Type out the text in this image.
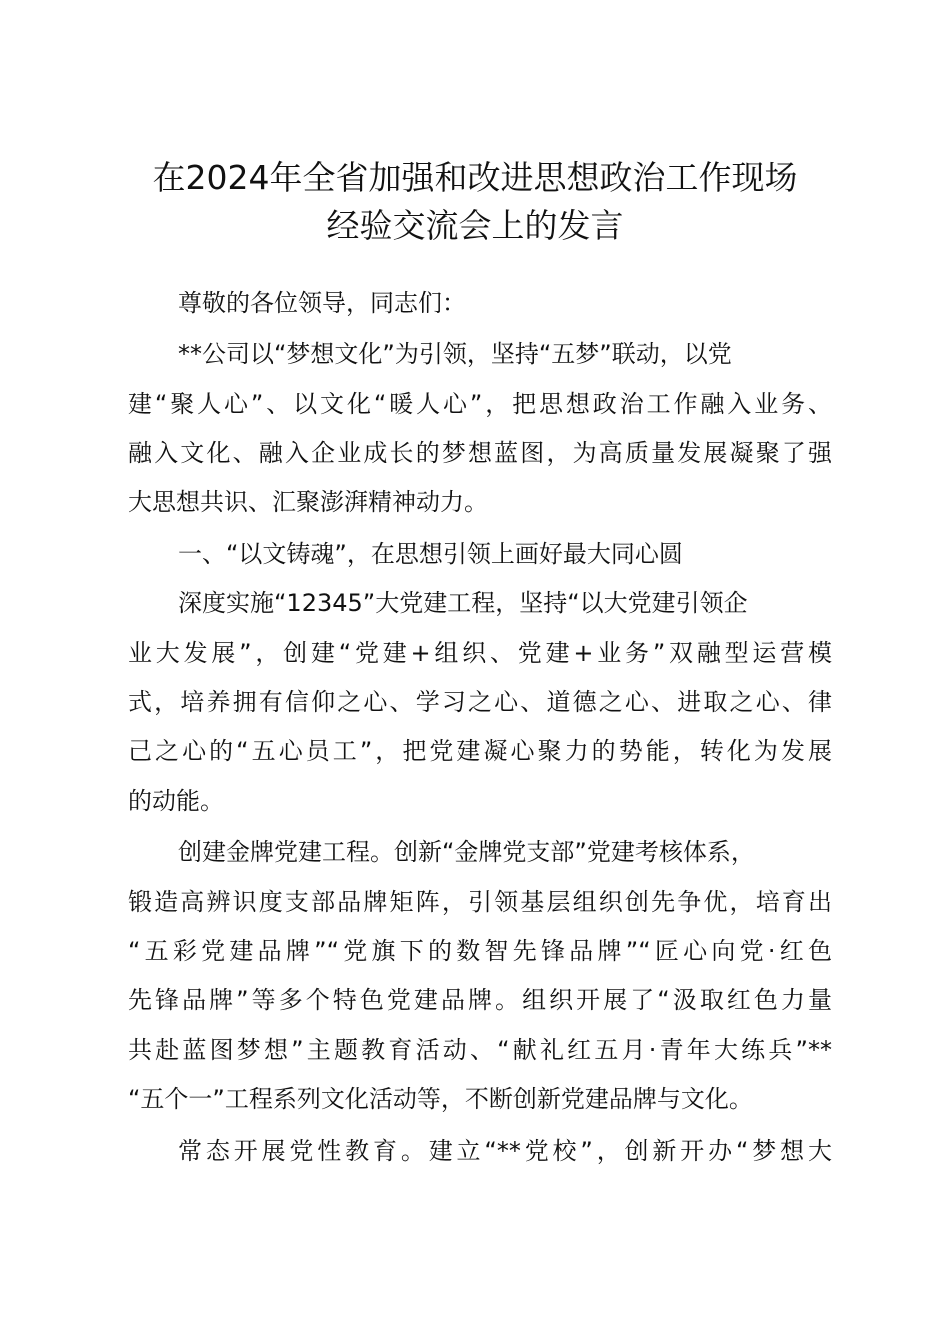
在2024年全省加强和改进思想政治工作现场
经验交流会上的发言
尊敬的各位领导，同志们：
**公司以“梦想文化”为引领，坚持“五梦”联动，以党
建“聚人心”、以文化“暖人心”，把思想政治工作融入业务、
融入文化、融入企业成长的梦想蓝图，为高质量发展凝聚了强
大思想共识、汇聚澎湃精神动力。
一、“以文铸魂”，在思想引领上画好最大同心圆
深度实施“12345”大党建工程，坚持“以大党建引领企
业大发展”，创建“党建+组织、党建+业务”双融型运营模
式，培养拥有信仰之心、学习之心、道德之心、进取之心、律
己之心的“五心员工”，把党建凝心聚力的势能，转化为发展
的动能。
创建金牌党建工程。创新“金牌党支部”党建考核体系，
锻造高辨识度支部品牌矩阵，引领基层组织创先争优，培育出
“五彩党建品牌”“党旗下的数智先锋品牌”“匠心向党·红色
先锋品牌”等多个特色党建品牌。组织开展了“汲取红色力量
共赴蓝图梦想”主题教育活动、“献礼红五月·青年大练兵”**
“五个一”工程系列文化活动等，不断创新党建品牌与文化。
常态开展党性教育。建立“**党校”，创新开办“梦想大
